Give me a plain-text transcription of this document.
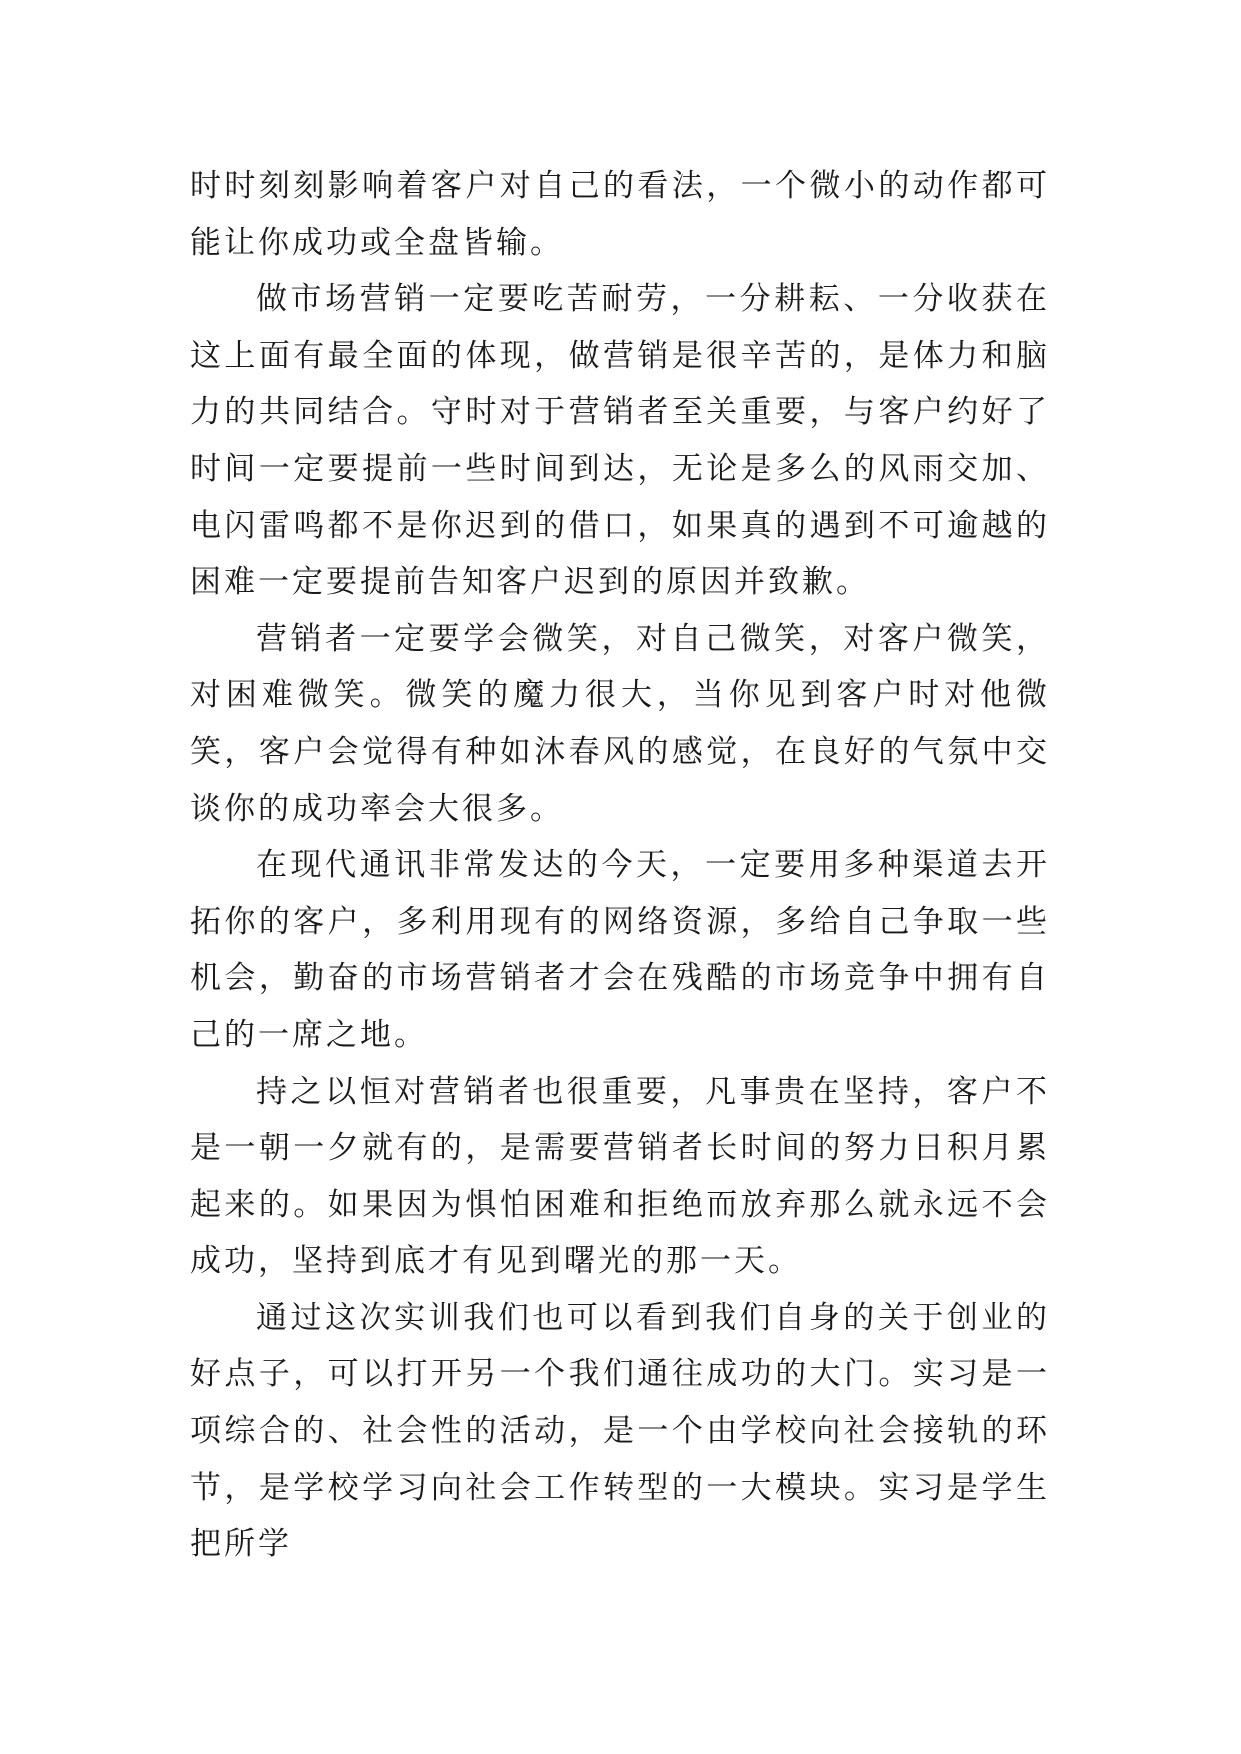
时时刻刻影响着客户对自己的看法，一个微小的动作都可能让你成功或全盘皆输。

做市场营销一定要吃苦耐劳，一分耕耘、一分收获在这上面有最全面的体现，做营销是很辛苦的，是体力和脑力的共同结合。守时对于营销者至关重要，与客户约好了时间一定要提前一些时间到达，无论是多么的风雨交加、电闪雷鸣都不是你迟到的借口，如果真的遇到不可逾越的困难一定要提前告知客户迟到的原因并致歉。

营销者一定要学会微笑，对自己微笑，对客户微笑，对困难微笑。微笑的魔力很大，当你见到客户时对他微笑，客户会觉得有种如沐春风的感觉，在良好的气氛中交谈你的成功率会大很多。

在现代通讯非常发达的今天，一定要用多种渠道去开拓你的客户，多利用现有的网络资源，多给自己争取一些机会，勤奋的市场营销者才会在残酷的市场竞争中拥有自己的一席之地。

持之以恒对营销者也很重要，凡事贵在坚持，客户不是一朝一夕就有的，是需要营销者长时间的努力日积月累起来的。如果因为惧怕困难和拒绝而放弃那么就永远不会成功，坚持到底才有见到曙光的那一天。

通过这次实训我们也可以看到我们自身的关于创业的好点子，可以打开另一个我们通往成功的大门。实习是一项综合的、社会性的活动，是一个由学校向社会接轨的环节，是学校学习向社会工作转型的一大模块。实习是学生把所学
